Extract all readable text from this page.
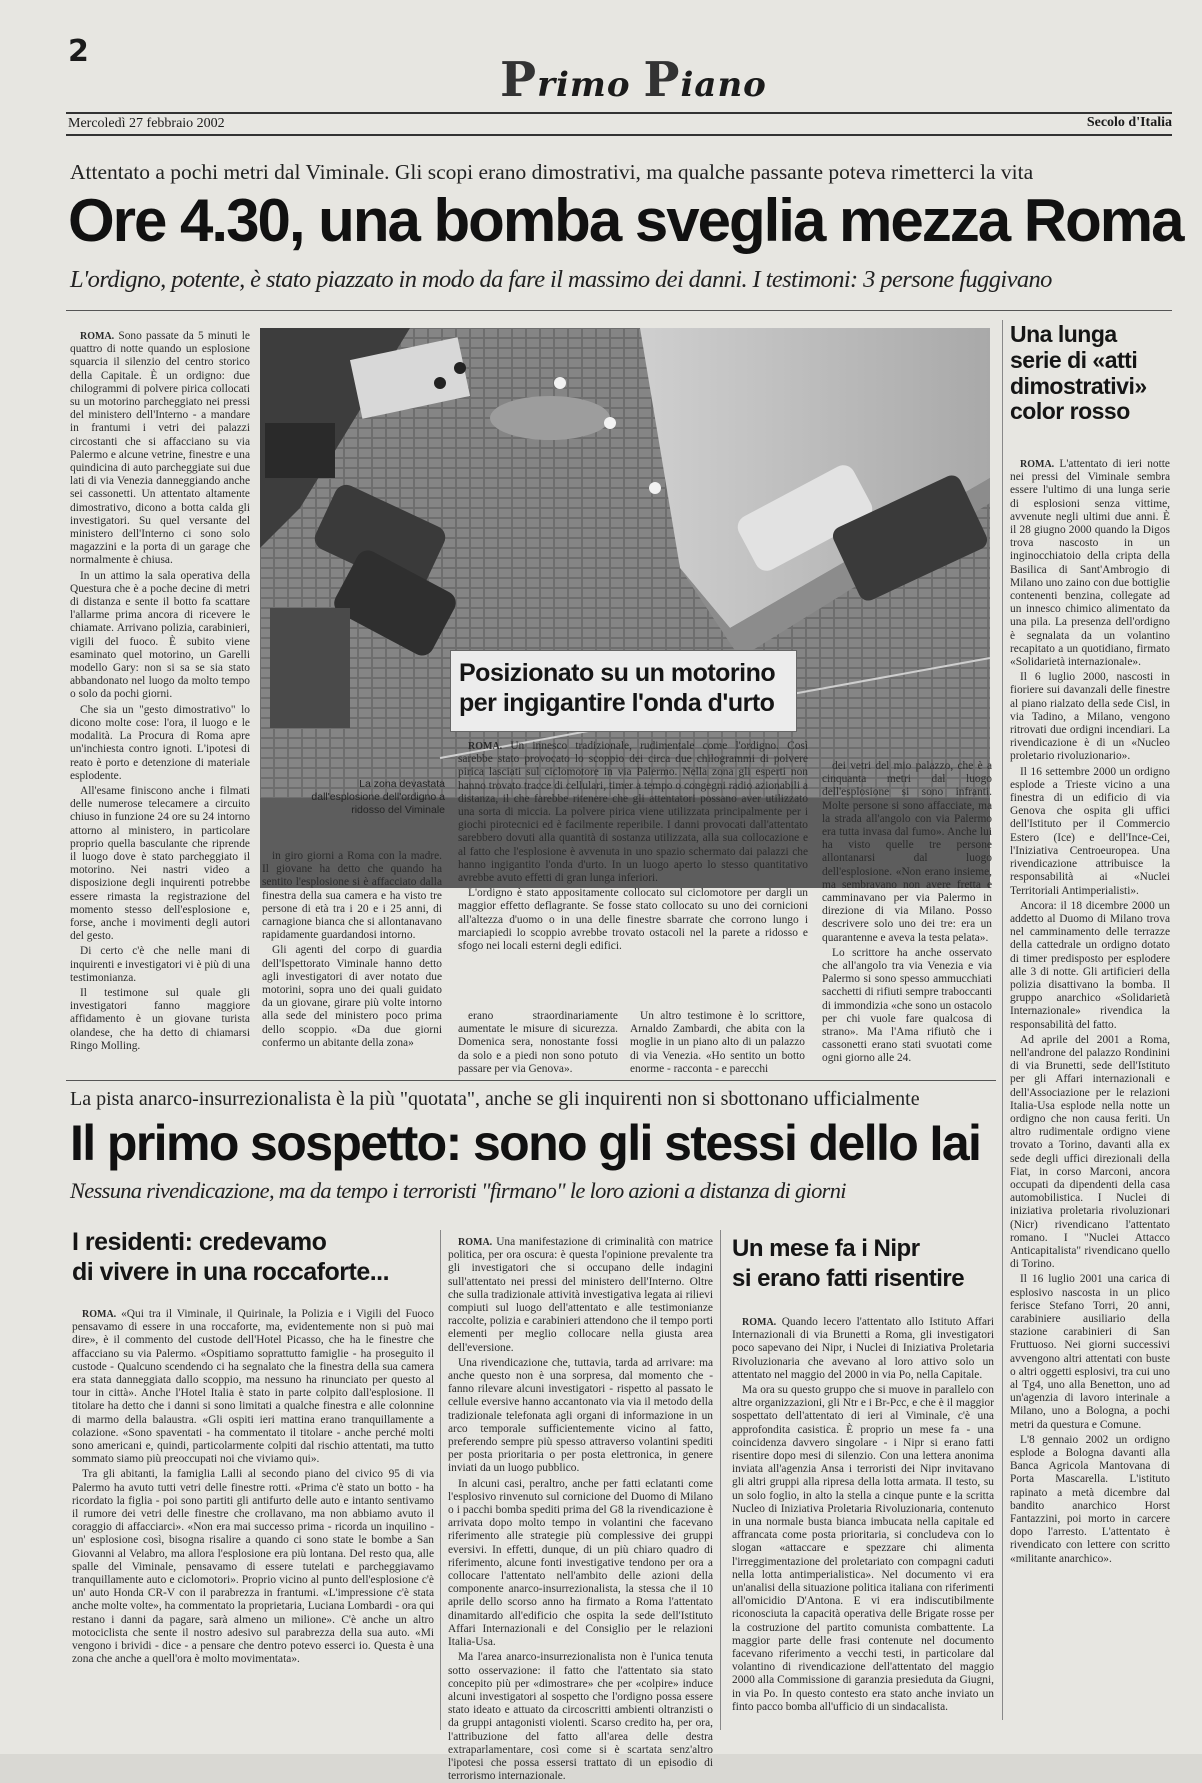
2
Primo Piano
Mercoledì 27 febbraio 2002	Secolo d'Italia
Attentato a pochi metri dal Viminale. Gli scopi erano dimostrativi, ma qualche passante poteva rimetterci la vita
Ore 4.30, una bomba sveglia mezza Roma
L'ordigno, potente, è stato piazzato in modo da fare il massimo dei danni. I testimoni: 3 persone fuggivano

ROMA. Sono passate da 5 minuti le quattro di notte quando un esplosione squarcia il silenzio del centro storico della Capitale. È un ordigno: due chilogrammi di polvere pirica collocati su un motorino parcheggiato nei pressi del ministero dell'Interno - a mandare in frantumi i vetri dei palazzi circostanti che si affacciano su via Palermo e alcune vetrine, finestre e una quindicina di auto parcheggiate sui due lati di via Venezia danneggiando anche sei cassonetti. Un attentato altamente dimostrativo, dicono a botta calda gli investigatori. Su quel versante del ministero dell'Interno ci sono solo magazzini e la porta di un garage che normalmente è chiusa.

In un attimo la sala operativa della Questura che è a poche decine di metri di distanza e sente il botto fa scattare l'allarme prima ancora di ricevere le chiamate. Arrivano polizia, carabinieri, vigili del fuoco. È subito viene esaminato quel motorino, un Garelli modello Gary: non si sa se sia stato abbandonato nel luogo da molto tempo o solo da pochi giorni.

Che sia un "gesto dimostrativo" lo dicono molte cose: l'ora, il luogo e le modalità. La Procura di Roma apre un'inchiesta contro ignoti. L'ipotesi di reato è porto e detenzione di materiale esplodente.

All'esame finiscono anche i filmati delle numerose telecamere a circuito chiuso in funzione 24 ore su 24 intorno attorno al ministero, in particolare proprio quella basculante che riprende il luogo dove è stato parcheggiato il motorino. Nei nastri video a disposizione degli inquirenti potrebbe essere rimasta la registrazione del momento stesso dell'esplosione e, forse, anche i movimenti degli autori del gesto.

Di certo c'è che nelle mani di inquirenti e investigatori vi è più di una testimonianza.

Il testimone sul quale gli investigatori fanno maggiore affidamento è un giovane turista olandese, che ha detto di chiamarsi Ringo Molling.

La zona devastata dall'esplosione dell'ordigno a ridosso del Viminale
Posizionato su un motorino
per ingigantire l'onda d'urto

ROMA. Un innesco tradizionale, rudimentale come l'ordigno. Così sarebbe stato provocato lo scoppio dei circa due chilogrammi di polvere pirica lasciati sul ciclomotore in via Palermo. Nella zona gli esperti non hanno trovato tracce di cellulari, timer a tempo o congegni radio azionabili a distanza, il che farebbe ritenere che gli attentatori possano aver utilizzato una sorta di miccia. La polvere pirica viene utilizzata principalmente per i giochi pirotecnici ed è facilmente reperibile. I danni provocati dall'attentato sarebbero dovuti alla quantità di sostanza utilizzata, alla sua collocazione e al fatto che l'esplosione è avvenuta in uno spazio schermato dai palazzi che hanno ingigantito l'onda d'urto. In un luogo aperto lo stesso quantitativo avrebbe avuto effetti di gran lunga inferiori.

L'ordigno è stato appositamente collocato sul ciclomotore per dargli un maggior effetto deflagrante. Se fosse stato collocato su uno dei cornicioni all'altezza d'uomo o in una delle finestre sbarrate che corrono lungo i marciapiedi lo scoppio avrebbe trovato ostacoli nel la parete a ridosso e sfogo nei locali esterni degli edifici.

in giro giorni a Roma con la madre. Il giovane ha detto che quando ha sentito l'esplosione si è affacciato dalla finestra della sua camera e ha visto tre persone di età tra i 20 e i 25 anni, di carnagione bianca che si allontanavano rapidamente guardandosi intorno.

Gli agenti del corpo di guardia dell'Ispettorato Viminale hanno detto agli investigatori di aver notato due motorini, sopra uno dei quali guidato da un giovane, girare più volte intorno alla sede del ministero poco prima dello scoppio. «Da due giorni confermo un abitante della zona»

erano straordinariamente aumentate le misure di sicurezza. Domenica sera, nonostante fossi da solo e a piedi non sono potuto passare per via Genova».

Un altro testimone è lo scrittore, Arnaldo Zambardi, che abita con la moglie in un piano alto di un palazzo di via Venezia. «Ho sentito un botto enorme - racconta - e parecchi

dei vetri del mio palazzo, che è a cinquanta metri dal luogo dell'esplosione si sono infranti. Molte persone si sono affacciate, ma la strada all'angolo con via Palermo era tutta invasa dal fumo». Anche lui ha visto quelle tre persone allontanarsi dal luogo dell'esplosione. «Non erano insieme, ma sembravano non avere fretta e camminavano per via Palermo in direzione di via Milano. Posso descrivere solo uno dei tre: era un quarantenne e aveva la testa pelata».

Lo scrittore ha anche osservato che all'angolo tra via Venezia e via Palermo si sono spesso ammucchiati sacchetti di rifiuti sempre traboccanti di immondizia «che sono un ostacolo per chi vuole fare qualcosa di strano». Ma l'Ama rifiutò che i cassonetti erano stati svuotati come ogni giorno alle 24.

Una lunga serie di «atti dimostrativi» color rosso

ROMA. L'attentato di ieri notte nei pressi del Viminale sembra essere l'ultimo di una lunga serie di esplosioni senza vittime, avvenute negli ultimi due anni. È il 28 giugno 2000 quando la Digos trova nascosto in un inginocchiatoio della cripta della Basilica di Sant'Ambrogio di Milano uno zaino con due bottiglie contenenti benzina, collegate ad un innesco chimico alimentato da una pila. La presenza dell'ordigno è segnalata da un volantino recapitato a un quotidiano, firmato «Solidarietà internazionale».

Il 6 luglio 2000, nascosti in fioriere sui davanzali delle finestre al piano rialzato della sede Cisl, in via Tadino, a Milano, vengono ritrovati due ordigni incendiari. La rivendicazione è di un «Nucleo proletario rivoluzionario».

Il 16 settembre 2000 un ordigno esplode a Trieste vicino a una finestra di un edificio di via Genova che ospita gli uffici dell'Istituto per il Commercio Estero (Ice) e dell'Ince-Cei, l'Iniziativa Centroeuropea. Una rivendicazione attribuisce la responsabilità ai «Nuclei Territoriali Antimperialisti».

Ancora: il 18 dicembre 2000 un addetto al Duomo di Milano trova nel camminamento delle terrazze della cattedrale un ordigno dotato di timer predisposto per esplodere alle 3 di notte. Gli artificieri della polizia disattivano la bomba. Il gruppo anarchico «Solidarietà Internazionale» rivendica la responsabilità del fatto.

Ad aprile del 2001 a Roma, nell'androne del palazzo Rondinini di via Brunetti, sede dell'Istituto per gli Affari internazionali e dell'Associazione per le relazioni Italia-Usa esplode nella notte un ordigno che non causa feriti. Un altro rudimentale ordigno viene trovato a Torino, davanti alla ex sede degli uffici direzionali della Fiat, in corso Marconi, ancora occupati da dipendenti della casa automobilistica. I Nuclei di iniziativa proletaria rivoluzionari (Nicr) rivendicano l'attentato romano. I "Nuclei Attacco Anticapitalista" rivendicano quello di Torino.

Il 16 luglio 2001 una carica di esplosivo nascosta in un plico ferisce Stefano Torri, 20 anni, carabiniere ausiliario della stazione carabinieri di San Fruttuoso. Nei giorni successivi avvengono altri attentati con buste o altri oggetti esplosivi, tra cui uno al Tg4, uno alla Benetton, uno ad un'agenzia di lavoro interinale a Milano, uno a Bologna, a pochi metri da questura e Comune.

L'8 gennaio 2002 un ordigno esplode a Bologna davanti alla Banca Agricola Mantovana di Porta Mascarella. L'istituto rapinato a metà dicembre dal bandito anarchico Horst Fantazzini, poi morto in carcere dopo l'arresto. L'attentato è rivendicato con lettere con scritto «militante anarchico».

La pista anarco-insurrezionalista è la più "quotata", anche se gli inquirenti non si sbottonano ufficialmente
Il primo sospetto: sono gli stessi dello Iai
Nessuna rivendicazione, ma da tempo i terroristi "firmano" le loro azioni a distanza di giorni
I residenti: credevamo
di vivere in una roccaforte...

ROMA. «Qui tra il Viminale, il Quirinale, la Polizia e i Vigili del Fuoco pensavamo di essere in una roccaforte, ma, evidentemente non si può mai dire», è il commento del custode dell'Hotel Picasso, che ha le finestre che affacciano su via Palermo. «Ospitiamo soprattutto famiglie - ha proseguito il custode - Qualcuno scendendo ci ha segnalato che la finestra della sua camera era stata danneggiata dallo scoppio, ma nessuno ha rinunciato per questo al tour in città». Anche l'Hotel Italia è stato in parte colpito dall'esplosione. Il titolare ha detto che i danni si sono limitati a qualche finestra e alle colonnine di marmo della balaustra. «Gli ospiti ieri mattina erano tranquillamente a colazione. «Sono spaventati - ha commentato il titolare - anche perché molti sono americani e, quindi, particolarmente colpiti dal rischio attentati, ma tutto sommato siamo più preoccupati noi che viviamo qui».

Tra gli abitanti, la famiglia Lalli al secondo piano del civico 95 di via Palermo ha avuto tutti vetri delle finestre rotti. «Prima c'è stato un botto - ha ricordato la figlia - poi sono partiti gli antifurto delle auto e intanto sentivamo il rumore dei vetri delle finestre che crollavano, ma non abbiamo avuto il coraggio di affacciarci». «Non era mai successo prima - ricorda un inquilino - un' esplosione così, bisogna risalire a quando ci sono state le bombe a San Giovanni al Velabro, ma allora l'esplosione era più lontana. Del resto qua, alle spalle del Viminale, pensavamo di essere tutelati e parcheggiavamo tranquillamente auto e ciclomotori». Proprio vicino al punto dell'esplosione c'è un' auto Honda CR-V con il parabrezza in frantumi. «L'impressione c'è stata anche molte volte», ha commentato la proprietaria, Luciana Lombardi - ora qui restano i danni da pagare, sarà almeno un milione». C'è anche un altro motociclista che sente il nostro adesivo sul parabrezza della sua auto. «Mi vengono i brividi - dice - a pensare che dentro potevo esserci io. Questa è una zona che anche a quell'ora è molto movimentata».

ROMA. Una manifestazione di criminalità con matrice politica, per ora oscura: è questa l'opinione prevalente tra gli investigatori che si occupano delle indagini sull'attentato nei pressi del ministero dell'Interno. Oltre che sulla tradizionale attività investigativa legata ai rilievi compiuti sul luogo dell'attentato e alle testimonianze raccolte, polizia e carabinieri attendono che il tempo porti elementi per meglio collocare nella giusta area dell'eversione.

Una rivendicazione che, tuttavia, tarda ad arrivare: ma anche questo non è una sorpresa, dal momento che - fanno rilevare alcuni investigatori - rispetto al passato le cellule eversive hanno accantonato via via il metodo della tradizionale telefonata agli organi di informazione in un arco temporale sufficientemente vicino al fatto, preferendo sempre più spesso attraverso volantini spediti per posta prioritaria o per posta elettronica, in genere inviati da un luogo pubblico.

In alcuni casi, peraltro, anche per fatti eclatanti come l'esplosivo rinvenuto sul cornicione del Duomo di Milano o i pacchi bomba spediti prima del G8 la rivendicazione è arrivata dopo molto tempo in volantini che facevano riferimento alle strategie più complessive dei gruppi eversivi. In effetti, dunque, di un più chiaro quadro di riferimento, alcune fonti investigative tendono per ora a collocare l'attentato nell'ambito delle azioni della componente anarco-insurrezionalista, la stessa che il 10 aprile dello scorso anno ha firmato a Roma l'attentato dinamitardo all'edificio che ospita la sede dell'Istituto Affari Internazionali e del Consiglio per le relazioni Italia-Usa.

Ma l'area anarco-insurrezionalista non è l'unica tenuta sotto osservazione: il fatto che l'attentato sia stato concepito più per «dimostrare» che per «colpire» induce alcuni investigatori al sospetto che l'ordigno possa essere stato ideato e attuato da circoscritti ambienti oltranzisti o da gruppi antagonisti violenti. Scarso credito ha, per ora, l'attribuzione del fatto all'area delle destra extraparlamentare, così come si è scartata senz'altro l'ipotesi che possa essersi trattato di un episodio di terrorismo internazionale.

Un mese fa i Nipr
si erano fatti risentire

ROMA. Quando lecero l'attentato allo Istituto Affari Internazionali di via Brunetti a Roma, gli investigatori poco sapevano dei Nipr, i Nuclei di Iniziativa Proletaria Rivoluzionaria che avevano al loro attivo solo un attentato nel maggio del 2000 in via Po, nella Capitale.

Ma ora su questo gruppo che si muove in parallelo con altre organizzazioni, gli Ntr e i Br-Pcc, e che è il maggior sospettato dell'attentato di ieri al Viminale, c'è una approfondita casistica. È proprio un mese fa - una coincidenza davvero singolare - i Nipr si erano fatti risentire dopo mesi di silenzio. Con una lettera anonima inviata all'agenzia Ansa i terroristi dei Nipr invitavano gli altri gruppi alla ripresa della lotta armata. Il testo, su un solo foglio, in alto la stella a cinque punte e la scritta Nucleo di Iniziativa Proletaria Rivoluzionaria, contenuto in una normale busta bianca imbucata nella capitale ed affrancata come posta prioritaria, si concludeva con lo slogan «attaccare e spezzare chi alimenta l'irreggimentazione del proletariato con compagni caduti nella lotta antimperialistica». Nel documento vi era un'analisi della situazione politica italiana con riferimenti all'omicidio D'Antona. E vi era indiscutibilmente riconosciuta la capacità operativa delle Brigate rosse per la costruzione del partito comunista combattente. La maggior parte delle frasi contenute nel documento facevano riferimento a vecchi testi, in particolare dal volantino di rivendicazione dell'attentato del maggio 2000 alla Commissione di garanzia presieduta da Giugni, in via Po. In questo contesto era stato anche inviato un finto pacco bomba all'ufficio di un sindacalista.
